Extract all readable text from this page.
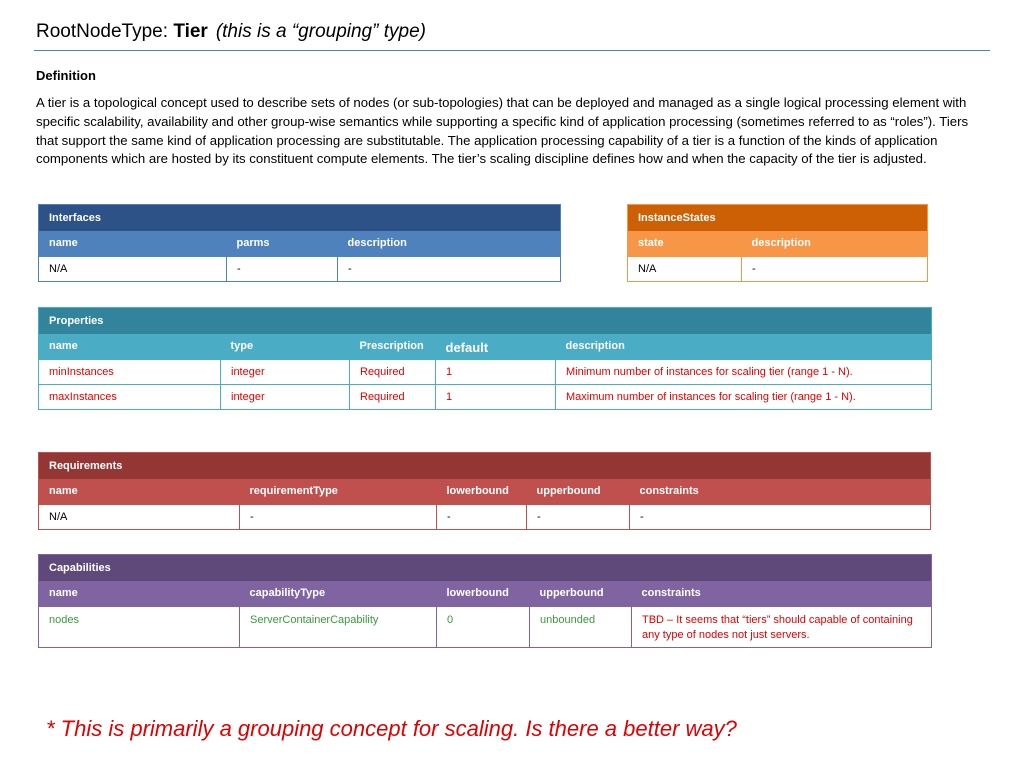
RootNodeType: Tier (this is a “grouping” type)
Definition
A tier is a topological concept used to describe sets of nodes (or sub-topologies) that can be deployed and managed as a single logical processing element with specific scalability, availability and other group-wise semantics while supporting a specific kind of application processing (sometimes referred to as “roles”). Tiers that support the same kind of application processing are substitutable. The application processing capability of a tier is a function of the kinds of application components which are hosted by its constituent compute elements. The tier’s scaling discipline defines how and when the capacity of the tier is adjusted.
Interfaces		
name	parms	description
N/A	-	-
InstanceStates	
state	description
N/A	-
Properties				
name	type	Prescription	default	description
minInstances	integer	Required	1	Minimum number of instances for scaling tier (range 1 - N).
maxInstances	integer	Required	1	Maximum number of instances for scaling tier (range 1 - N).
Requirements				
name	requirementType	lowerbound	upperbound	constraints
N/A	-	-	-	-
Capabilities				
name	capabilityType	lowerbound	upperbound	constraints
nodes	ServerContainerCapability	0	unbounded	TBD – It seems that “tiers” should capable of containing any type of nodes not just servers.
* This is primarily a grouping concept for scaling. Is there a better way?
